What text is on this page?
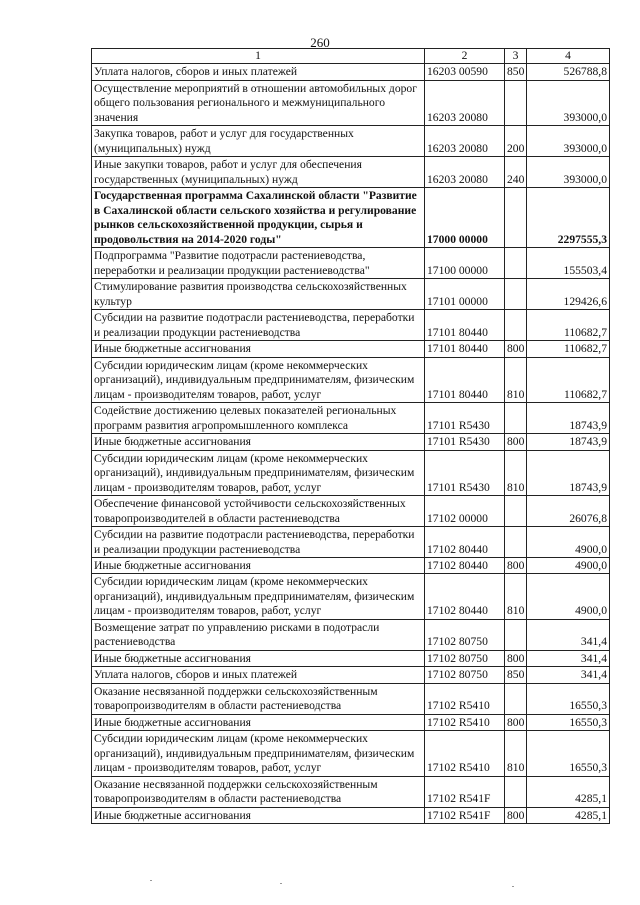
260
1	2	3	4
Уплата налогов, сборов и иных платежей	16203 00590	850	526788,8
Осуществление мероприятий в отношении автомобильных дорог общего пользования регионального и межмуниципального значения	16203 20080		393000,0
Закупка товаров, работ и услуг для государственных (муниципальных) нужд	16203 20080	200	393000,0
Иные закупки товаров, работ и услуг для обеспечения государственных (муниципальных) нужд	16203 20080	240	393000,0
Государственная программа Сахалинской области "Развитие в Сахалинской области сельского хозяйства и регулирование рынков сельскохозяйственной продукции, сырья и продовольствия на 2014-2020 годы"	17000 00000		2297555,3
Подпрограмма "Развитие подотрасли растениеводства, переработки и реализации продукции растениеводства"	17100 00000		155503,4
Стимулирование развития производства сельскохозяйственных культур	17101 00000		129426,6
Субсидии на развитие подотрасли растениеводства, переработки и реализации продукции растениеводства	17101 80440		110682,7
Иные бюджетные ассигнования	17101 80440	800	110682,7
Субсидии юридическим лицам (кроме некоммерческих организаций), индивидуальным предпринимателям, физическим лицам - производителям товаров, работ, услуг	17101 80440	810	110682,7
Содействие достижению целевых показателей региональных программ развития агропромышленного комплекса	17101 R5430		18743,9
Иные бюджетные ассигнования	17101 R5430	800	18743,9
Субсидии юридическим лицам (кроме некоммерческих организаций), индивидуальным предпринимателям, физическим лицам - производителям товаров, работ, услуг	17101 R5430	810	18743,9
Обеспечение финансовой устойчивости сельскохозяйственных товаропроизводителей в области растениеводства	17102 00000		26076,8
Субсидии на развитие подотрасли растениеводства, переработки и реализации продукции растениеводства	17102 80440		4900,0
Иные бюджетные ассигнования	17102 80440	800	4900,0
Субсидии юридическим лицам (кроме некоммерческих организаций), индивидуальным предпринимателям, физическим лицам - производителям товаров, работ, услуг	17102 80440	810	4900,0
Возмещение затрат по управлению рисками в подотрасли растениеводства	17102 80750		341,4
Иные бюджетные ассигнования	17102 80750	800	341,4
Уплата налогов, сборов и иных платежей	17102 80750	850	341,4
Оказание несвязанной поддержки сельскохозяйственным товаропроизводителям в области растениеводства	17102 R5410		16550,3
Иные бюджетные ассигнования	17102 R5410	800	16550,3
Субсидии юридическим лицам (кроме некоммерческих организаций), индивидуальным предпринимателям, физическим лицам - производителям товаров, работ, услуг	17102 R5410	810	16550,3
Оказание несвязанной поддержки сельскохозяйственным товаропроизводителям в области растениеводства	17102 R541F		4285,1
Иные бюджетные ассигнования	17102 R541F	800	4285,1
